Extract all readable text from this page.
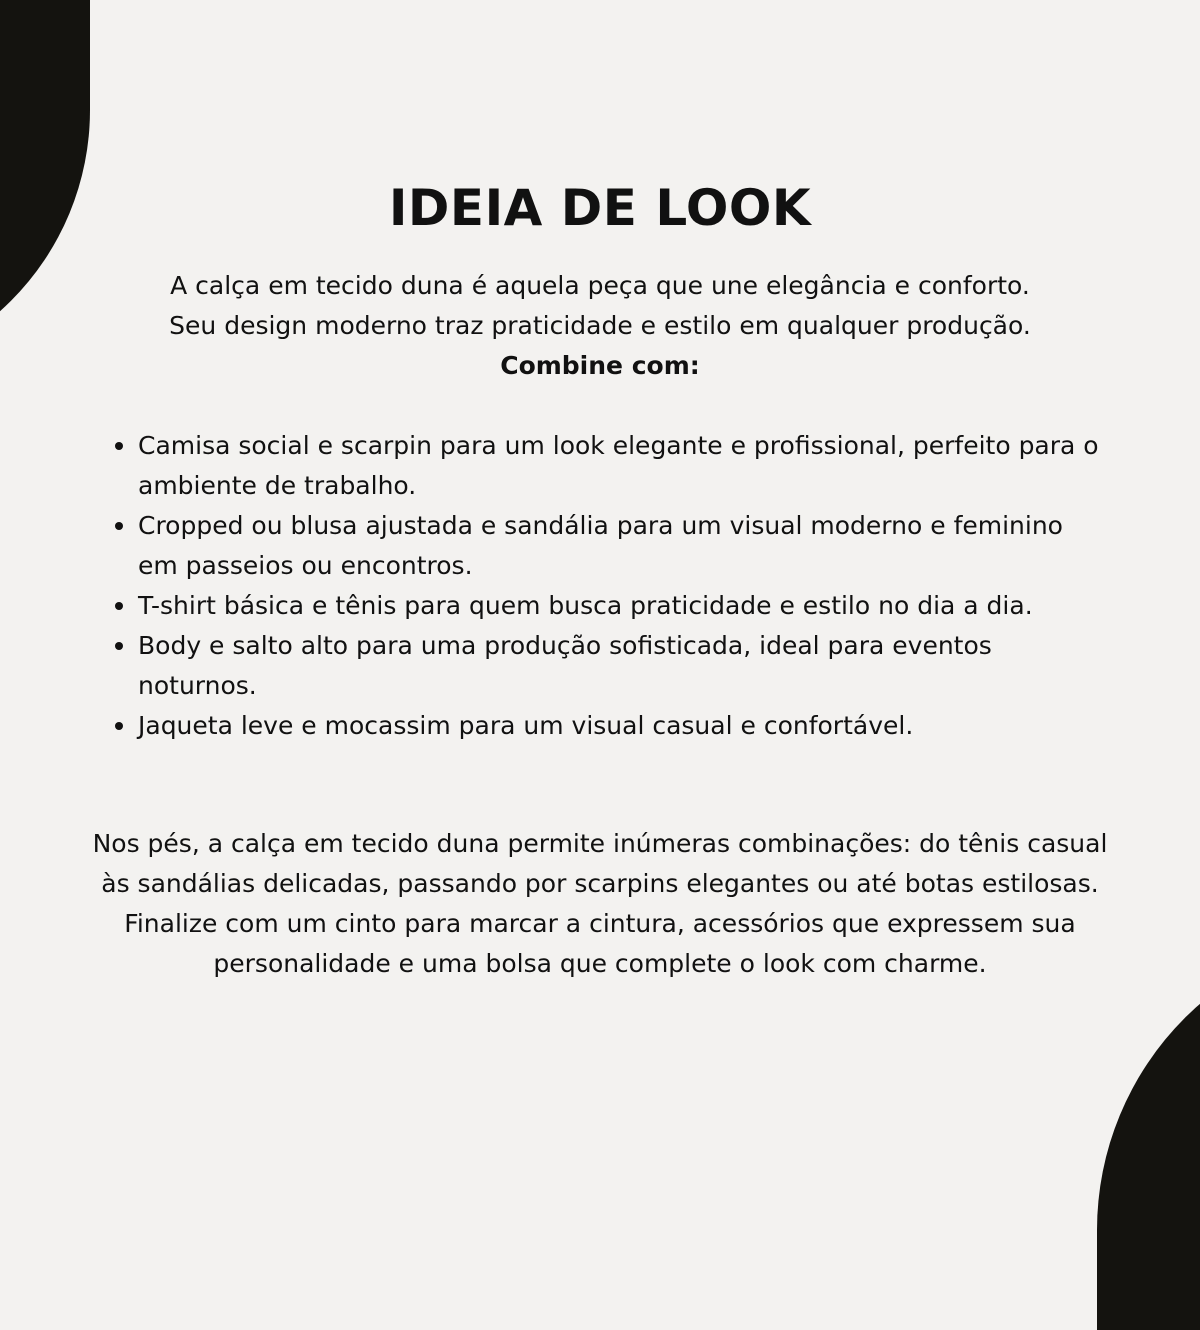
IDEIA DE LOOK

A calça em tecido duna é aquela peça que une elegância e conforto.

Seu design moderno traz praticidade e estilo em qualquer produção.

Combine com:

Camisa social e scarpin para um look elegante e profissional, perfeito para o ambiente de trabalho.
Cropped ou blusa ajustada e sandália para um visual moderno e feminino em passeios ou encontros.
T-shirt básica e tênis para quem busca praticidade e estilo no dia a dia.
Body e salto alto para uma produção sofisticada, ideal para eventos noturnos.
Jaqueta leve e mocassim para um visual casual e confortável.

Nos pés, a calça em tecido duna permite inúmeras combinações: do tênis casual às sandálias delicadas, passando por scarpins elegantes ou até botas estilosas. Finalize com um cinto para marcar a cintura, acessórios que expressem sua personalidade e uma bolsa que complete o look com charme.
